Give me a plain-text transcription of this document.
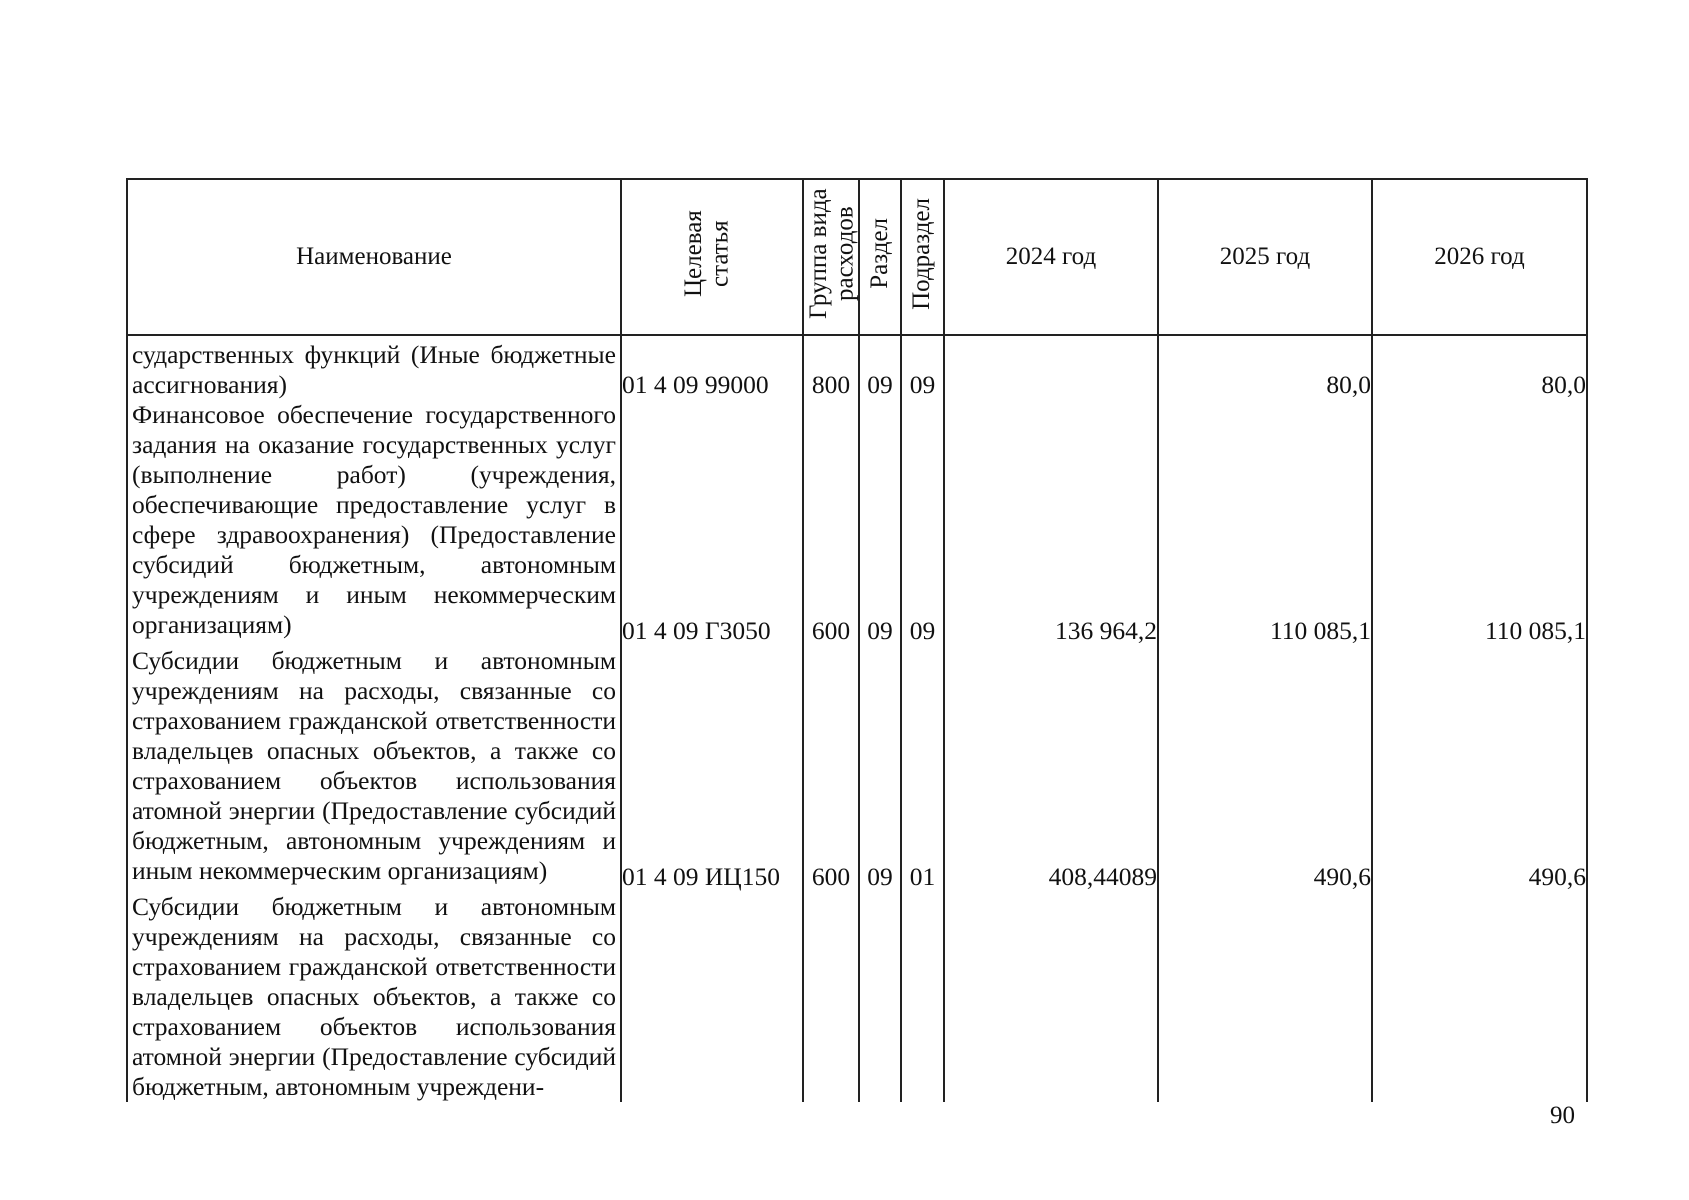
Наименование	Целевая статья	Группа вида расходов	Раздел	Подраздел	2024 год	2025 год	2026 год

сударственных функций (Иные бюджетные ассигнования)	01 4 09 99000	800	09	09		80,0	80,0

Финансовое обеспечение государственного задания на оказание государственных услуг (выполнение работ) (учреждения, обеспечивающие предоставление услуг в сфере здравоохранения) (Предоставление субсидий бюджетным, автономным учреждениям и иным некоммерческим организациям)	01 4 09 Г3050	600	09	09	136 964,2	110 085,1	110 085,1

Субсидии бюджетным и автономным учреждениям на расходы, связанные со страхованием гражданской ответственности владельцев опасных объектов, а также со страхованием объектов использования атомной энергии (Предоставление субсидий бюджетным, автономным учреждениям и иным некоммерческим организациям)	01 4 09 ИЦ150	600	09	01	408,44089	490,6	490,6

Субсидии бюджетным и автономным учреждениям на расходы, связанные со страхованием гражданской ответственности владельцев опасных объектов, а также со страхованием объектов использования атомной энергии (Предоставление субсидий бюджетным, автономным учреждени-							

90
